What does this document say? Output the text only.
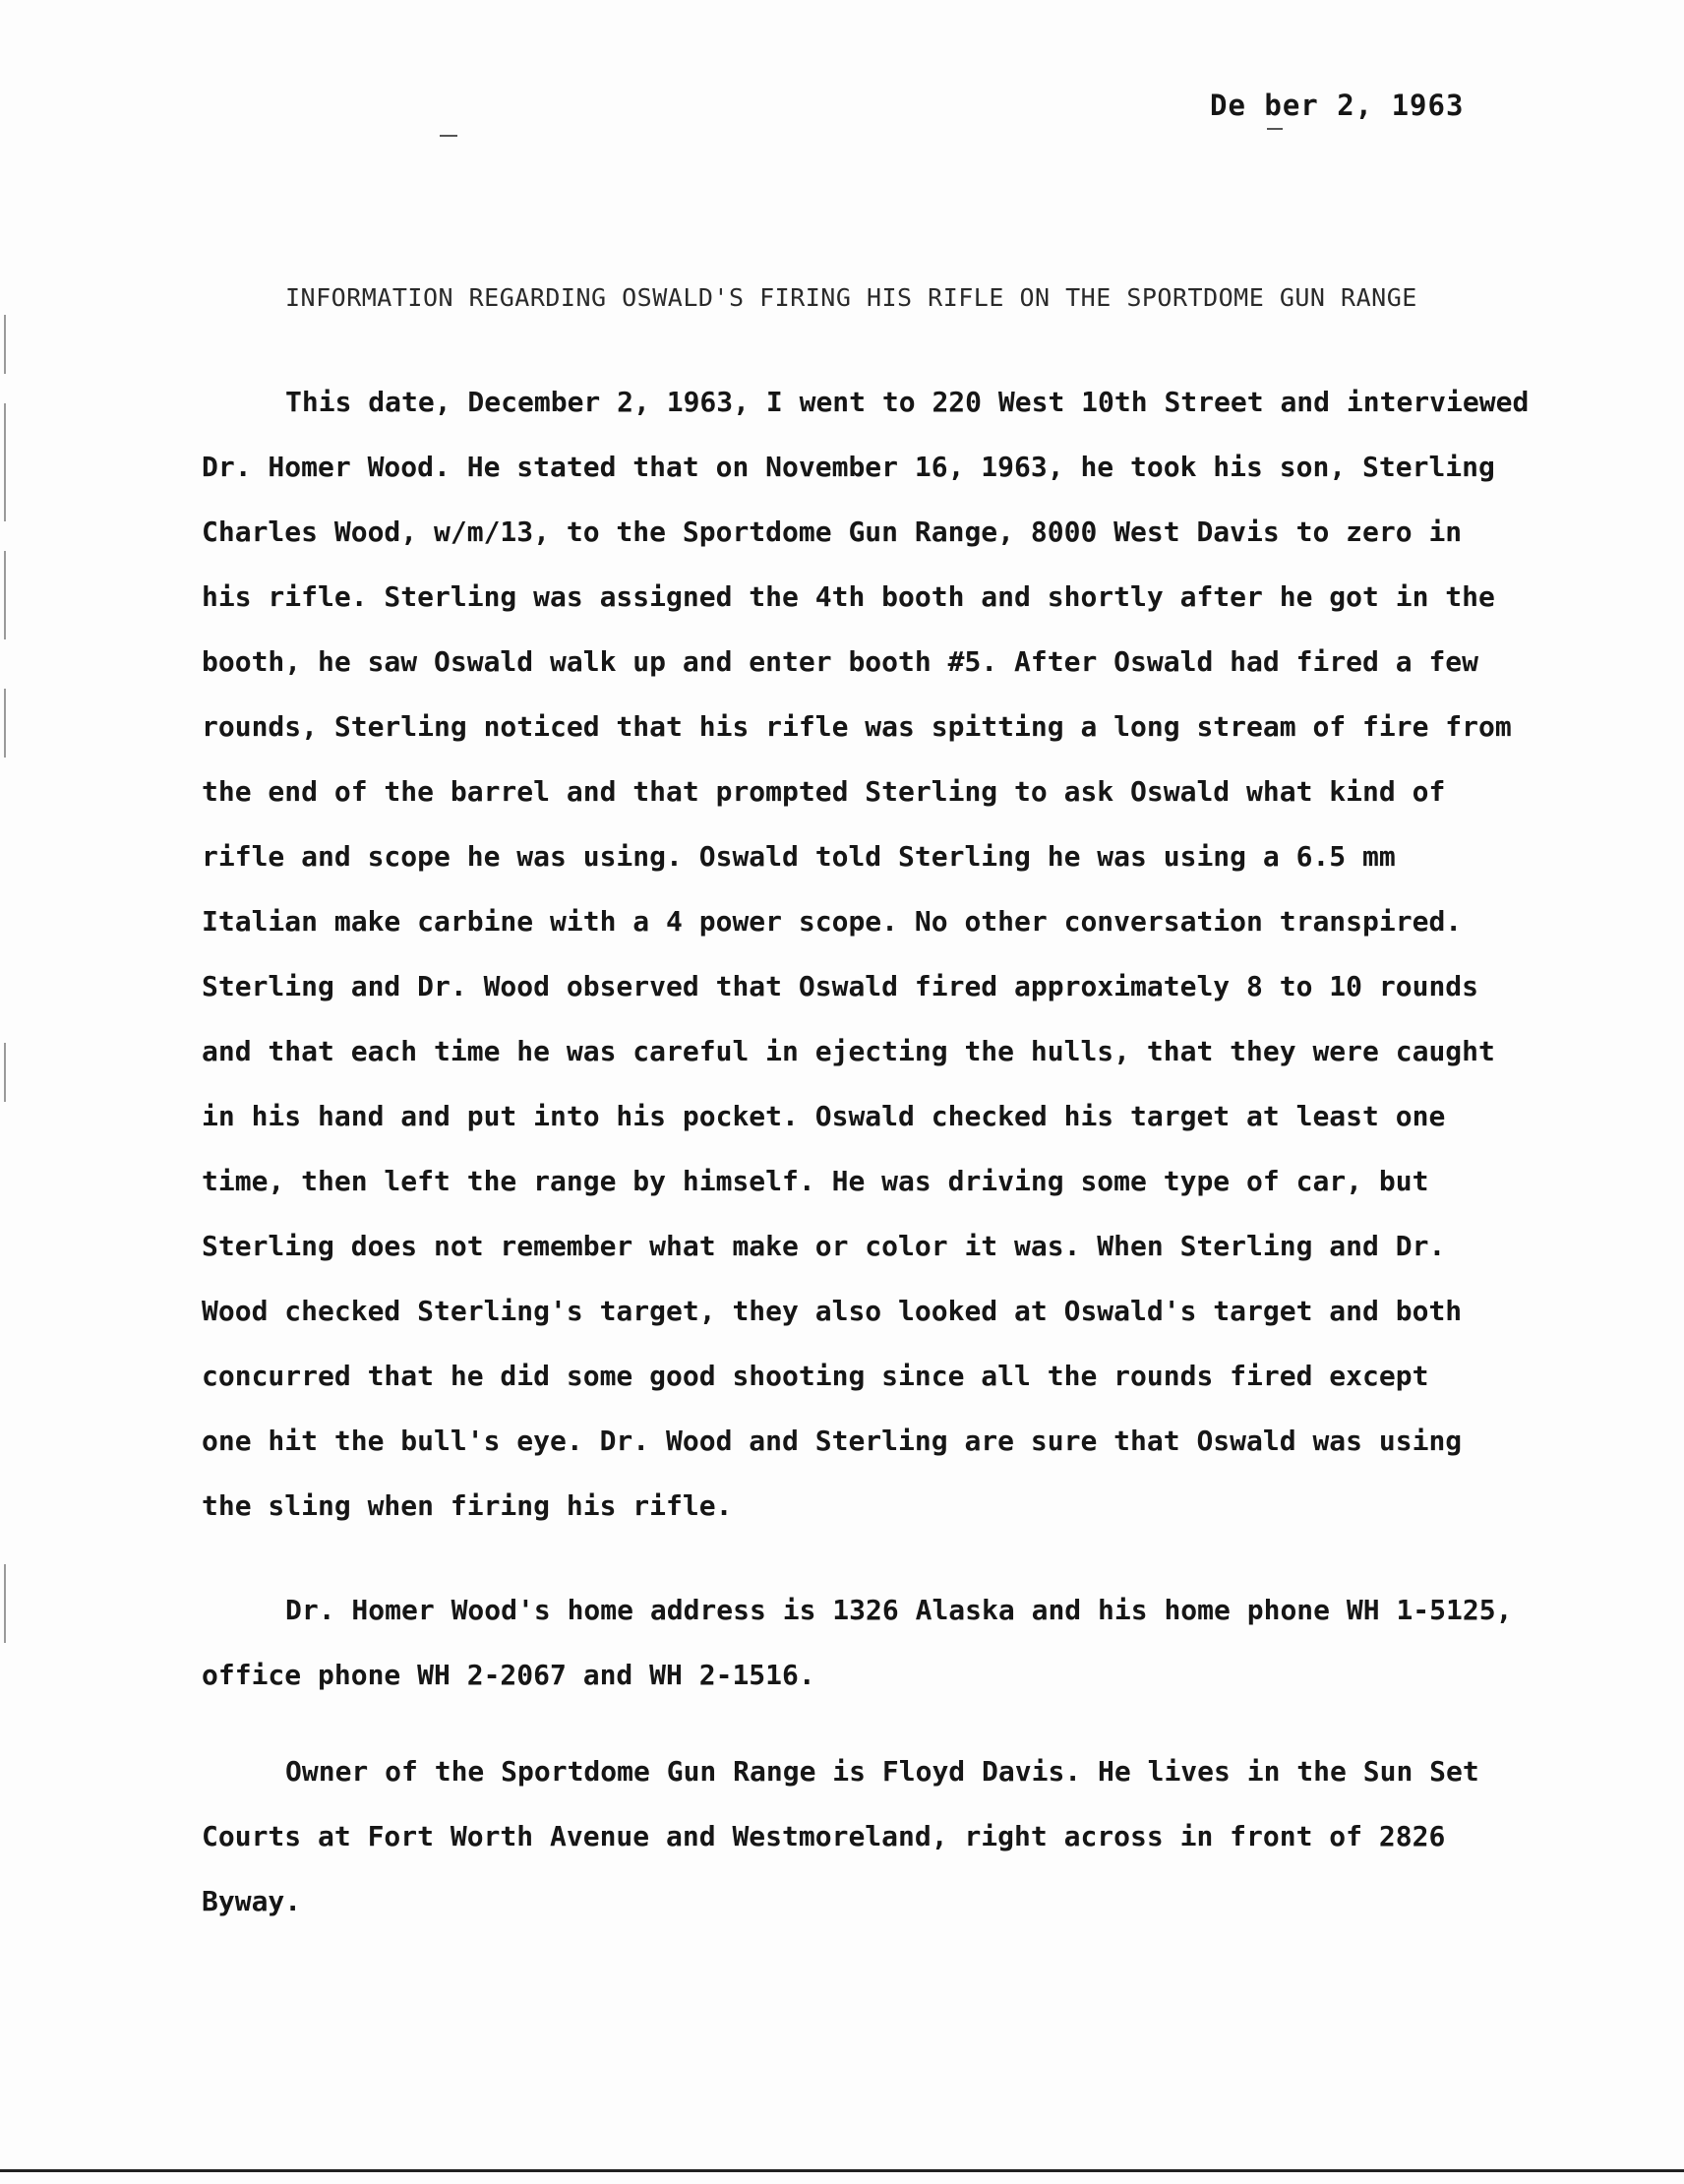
De ber 2, 1963
INFORMATION REGARDING OSWALD'S FIRING HIS RIFLE ON THE SPORTDOME GUN RANGE
This date, December 2, 1963, I went to 220 West 10th Street and interviewed
Dr. Homer Wood. He stated that on November 16, 1963, he took his son, Sterling
Charles Wood, w/m/13, to the Sportdome Gun Range, 8000 West Davis to zero in
his rifle. Sterling was assigned the 4th booth and shortly after he got in the
booth, he saw Oswald walk up and enter booth #5. After Oswald had fired a few
rounds, Sterling noticed that his rifle was spitting a long stream of fire from
the end of the barrel and that prompted Sterling to ask Oswald what kind of
rifle and scope he was using. Oswald told Sterling he was using a 6.5 mm
Italian make carbine with a 4 power scope. No other conversation transpired.
Sterling and Dr. Wood observed that Oswald fired approximately 8 to 10 rounds
and that each time he was careful in ejecting the hulls, that they were caught
in his hand and put into his pocket. Oswald checked his target at least one
time, then left the range by himself. He was driving some type of car, but
Sterling does not remember what make or color it was. When Sterling and Dr.
Wood checked Sterling's target, they also looked at Oswald's target and both
concurred that he did some good shooting since all the rounds fired except
one hit the bull's eye. Dr. Wood and Sterling are sure that Oswald was using
the sling when firing his rifle.
Dr. Homer Wood's home address is 1326 Alaska and his home phone WH 1-5125,
office phone WH 2-2067 and WH 2-1516.
Owner of the Sportdome Gun Range is Floyd Davis. He lives in the Sun Set
Courts at Fort Worth Avenue and Westmoreland, right across in front of 2826
Byway.
